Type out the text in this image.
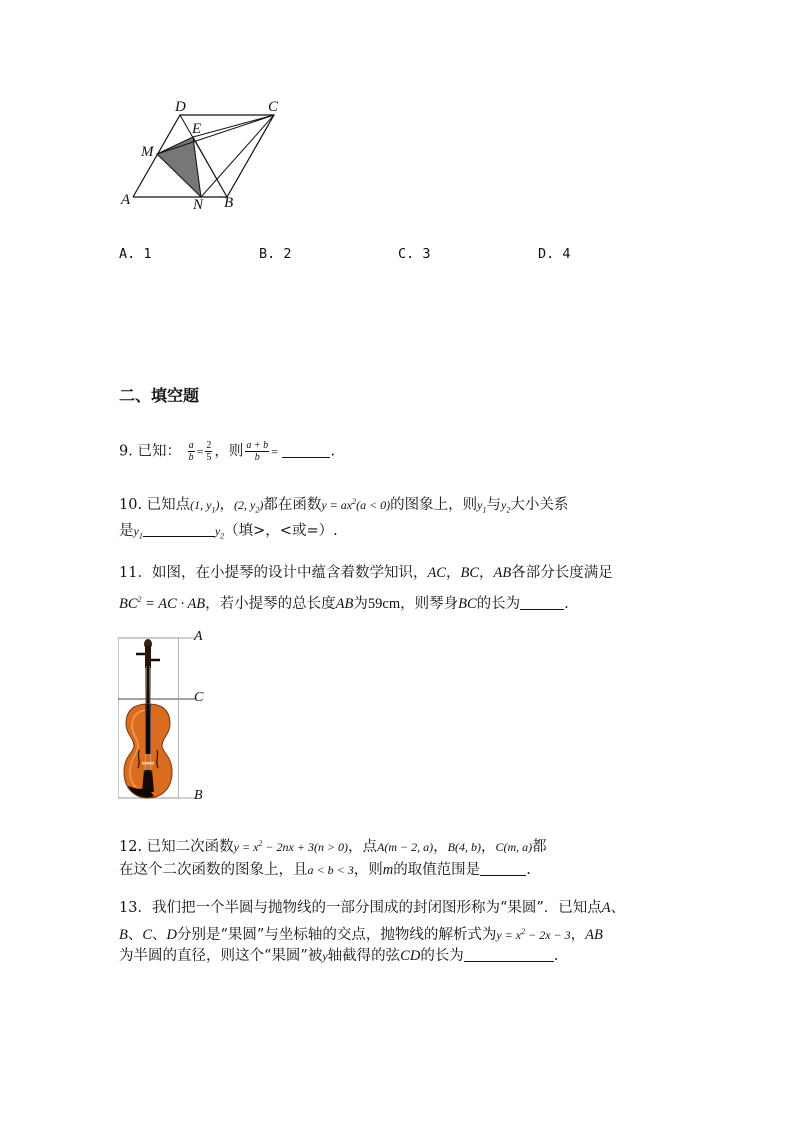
D	C
E
M
A	N B
A. 1	B. 2	C. 3	D. 4
二、填空题
9. 已知： $\frac{a}{b} = \frac{2}{5}$ ，则 $\frac{a + b}{b}$ =	.
10. 已知点(1, $y_1$)，(2, $y_2$)都在函数$y = ax^2(a < 0)$的图象上，则$y_1$与$y_2$大小关系
是$y_1$	$y_2$（填>，<或=）.
11．如图，在小提琴的设计中蕴含着数学知识，AC，BC，AB各部分长度满足
$BC^2$ = AC · AB，若小提琴的总长度AB为59cm，则琴身BC的长为	.
A
C
B
12. 已知二次函数$y = x^2 - 2nx + 3(n > 0)$，点A(m − 2, a)，B(4, b)，C(m, a)都
在这个二次函数的图象上，且a < b < 3，则m的取值范围是	.
13．我们把一个半圆与抛物线的一部分围成的封闭图形称为“果圆”．已知点A、
B、C、D分别是“果圆”与坐标轴的交点，抛物线的解析式为$y = x^2 - 2x - 3$，AB
为半圆的直径，则这个“果圆”被y轴截得的弦CD的长为	.
